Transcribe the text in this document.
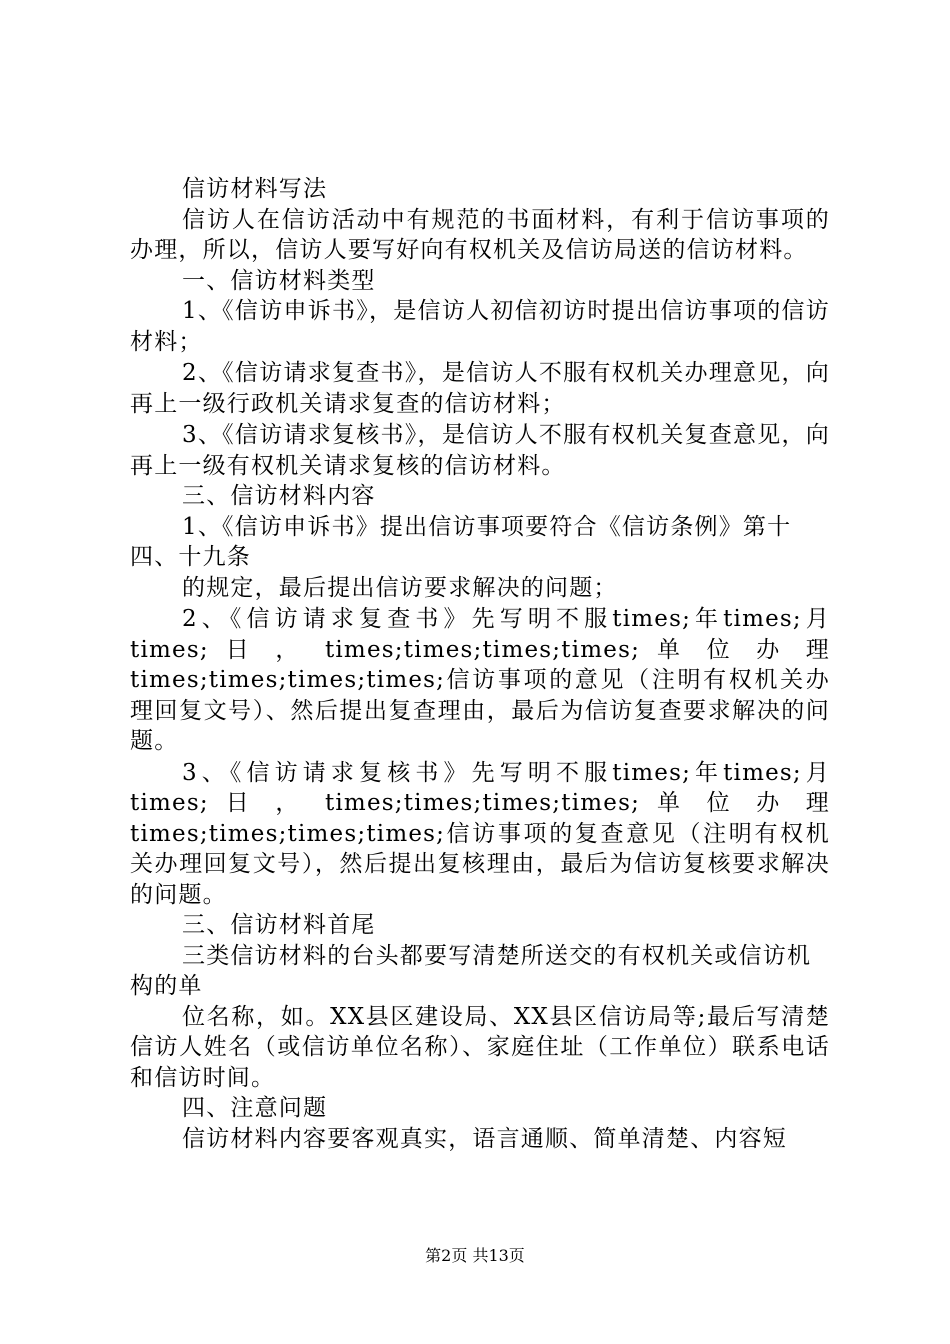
信访材料写法

信访人在信访活动中有规范的书面材料，有利于信访事项的办理，所以，信访人要写好向有权机关及信访局送的信访材料。

一、信访材料类型

1、《信访申诉书》，是信访人初信初访时提出信访事项的信访材料；

2、《信访请求复查书》，是信访人不服有权机关办理意见，向再上一级行政机关请求复查的信访材料；

3、《信访请求复核书》，是信访人不服有权机关复查意见，向再上一级有权机关请求复核的信访材料。

三、信访材料内容

1、《信访申诉书》提出信访事项要符合《信访条例》第十四、十九条

的规定，最后提出信访要求解决的问题；

2、《信访请求复查书》先写明不服times;年times;月times; 日 ， times;times;times;times; 单 位 办 理times;times;times;times;信访事项的意见（注明有权机关办理回复文号）、然后提出复查理由，最后为信访复查要求解决的问题。

3、《信访请求复核书》先写明不服times;年times;月times; 日 ， times;times;times;times; 单 位 办 理times;times;times;times;信访事项的复查意见（注明有权机关办理回复文号），然后提出复核理由，最后为信访复核要求解决的问题。

三、信访材料首尾

三类信访材料的台头都要写清楚所送交的有权机关或信访机构的单

位名称，如。XX县区建设局、XX县区信访局等;最后写清楚信访人姓名（或信访单位名称）、家庭住址（工作单位）联系电话和信访时间。

四、注意问题

信访材料内容要客观真实，语言通顺、简单清楚、内容短

第2页 共13页
